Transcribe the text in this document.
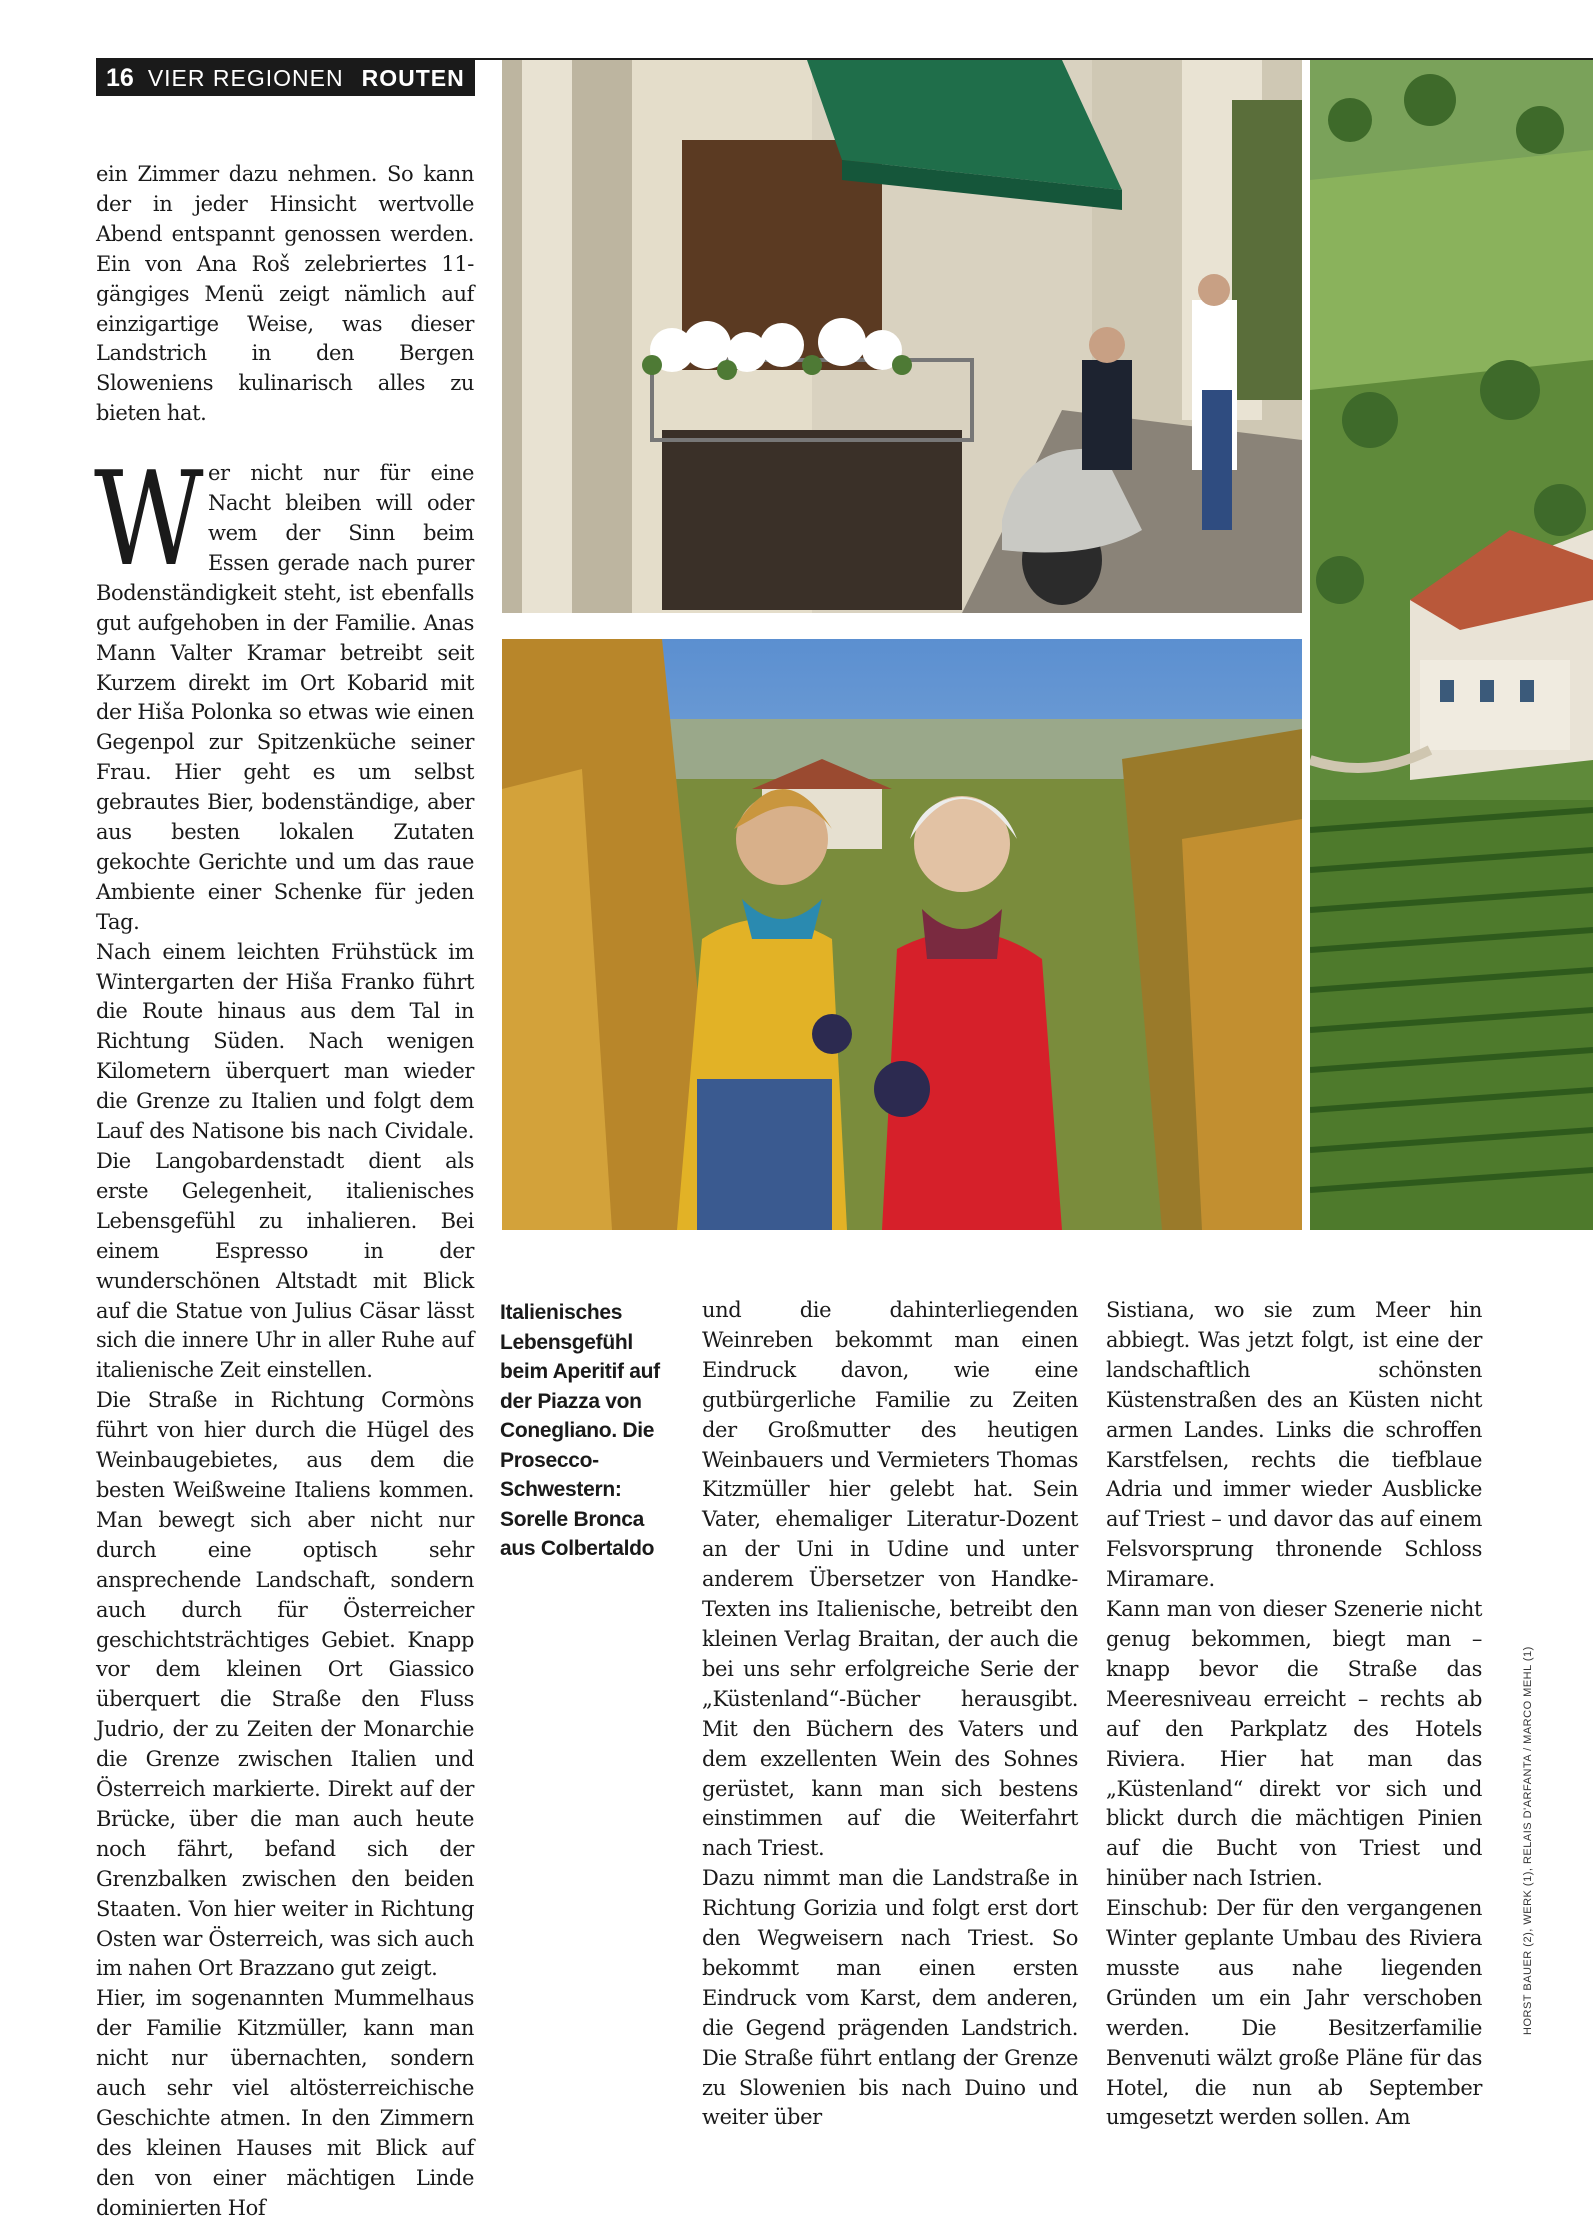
16 VIER REGIONEN ROUTEN

ein Zimmer dazu nehmen. So kann der in jeder Hinsicht wertvolle Abend entspannt genossen werden. Ein von Ana Roš zelebriertes 11-gängiges Menü zeigt nämlich auf einzigartige Weise, was dieser Landstrich in den Bergen Sloweniens kulinarisch alles zu bieten hat.

Wer nicht nur für eine Nacht bleiben will oder wem der Sinn beim Essen gerade nach purer Bodenständigkeit steht, ist ebenfalls gut aufgehoben in der Familie. Anas Mann Valter Kramar betreibt seit Kurzem direkt im Ort Kobarid mit der Hiša Polonka so etwas wie einen Gegenpol zur Spitzenküche seiner Frau. Hier geht es um selbst gebrautes Bier, bodenständige, aber aus besten lokalen Zutaten gekochte Gerichte und um das raue Ambiente einer Schenke für jeden Tag.

Nach einem leichten Frühstück im Wintergarten der Hiša Franko führt die Route hinaus aus dem Tal in Richtung Süden. Nach wenigen Kilometern überquert man wieder die Grenze zu Italien und folgt dem Lauf des Natisone bis nach Cividale. Die Langobardenstadt dient als erste Gelegenheit, italienisches Lebensgefühl zu inhalieren. Bei einem Espresso in der wunderschönen Altstadt mit Blick auf die Statue von Julius Cäsar lässt sich die innere Uhr in aller Ruhe auf italienische Zeit einstellen.

Die Straße in Richtung Cormòns führt von hier durch die Hügel des Weinbaugebietes, aus dem die besten Weißweine Italiens kommen. Man bewegt sich aber nicht nur durch eine optisch sehr ansprechende Landschaft, sondern auch durch für Österreicher geschichtsträchtiges Gebiet. Knapp vor dem kleinen Ort Giassico überquert die Straße den Fluss Judrio, der zu Zeiten der Monarchie die Grenze zwischen Italien und Österreich markierte. Direkt auf der Brücke, über die man auch heute noch fährt, befand sich der Grenzbalken zwischen den beiden Staaten. Von hier weiter in Richtung Osten war Österreich, was sich auch im nahen Ort Brazzano gut zeigt.

Hier, im sogenannten Mummelhaus der Familie Kitzmüller, kann man nicht nur übernachten, sondern auch sehr viel altösterreichische Geschichte atmen. In den Zimmern des kleinen Hauses mit Blick auf den von einer mächtigen Linde dominierten Hof

Italienisches Lebensgefühl beim Aperitif auf der Piazza von Conegliano. Die Prosecco-Schwestern: Sorelle Bronca aus Colbertaldo

und die dahinterliegenden Weinreben bekommt man einen Eindruck davon, wie eine gutbürgerliche Familie zu Zeiten der Großmutter des heutigen Weinbauers und Vermieters Thomas Kitzmüller hier gelebt hat. Sein Vater, ehemaliger Literatur-Dozent an der Uni in Udine und unter anderem Übersetzer von Handke-Texten ins Italienische, betreibt den kleinen Verlag Braitan, der auch die bei uns sehr erfolgreiche Serie der „Küstenland“-Bücher herausgibt. Mit den Büchern des Vaters und dem exzellenten Wein des Sohnes gerüstet, kann man sich bestens einstimmen auf die Weiterfahrt nach Triest.

Dazu nimmt man die Landstraße in Richtung Gorizia und folgt erst dort den Wegweisern nach Triest. So bekommt man einen ersten Eindruck vom Karst, dem anderen, die Gegend prägenden Landstrich. Die Straße führt entlang der Grenze zu Slowenien bis nach Duino und weiter über

Sistiana, wo sie zum Meer hin abbiegt. Was jetzt folgt, ist eine der landschaftlich schönsten Küstenstraßen des an Küsten nicht armen Landes. Links die schroffen Karstfelsen, rechts die tiefblaue Adria und immer wieder Ausblicke auf Triest – und davor das auf einem Felsvorsprung thronende Schloss Miramare.

Kann man von dieser Szenerie nicht genug bekommen, biegt man – knapp bevor die Straße das Meeresniveau erreicht – rechts ab auf den Parkplatz des Hotels Riviera. Hier hat man das „Küstenland“ direkt vor sich und blickt durch die mächtigen Pinien auf die Bucht von Triest und hinüber nach Istrien.

Einschub: Der für den vergangenen Winter geplante Umbau des Riviera musste aus nahe liegenden Gründen um ein Jahr verschoben werden. Die Besitzerfamilie Benvenuti wälzt große Pläne für das Hotel, die nun ab September umgesetzt werden sollen. Am

HORST BAUER (2), WERK (1), RELAIS D'ARFANTA / MARCO MEHL (1)
